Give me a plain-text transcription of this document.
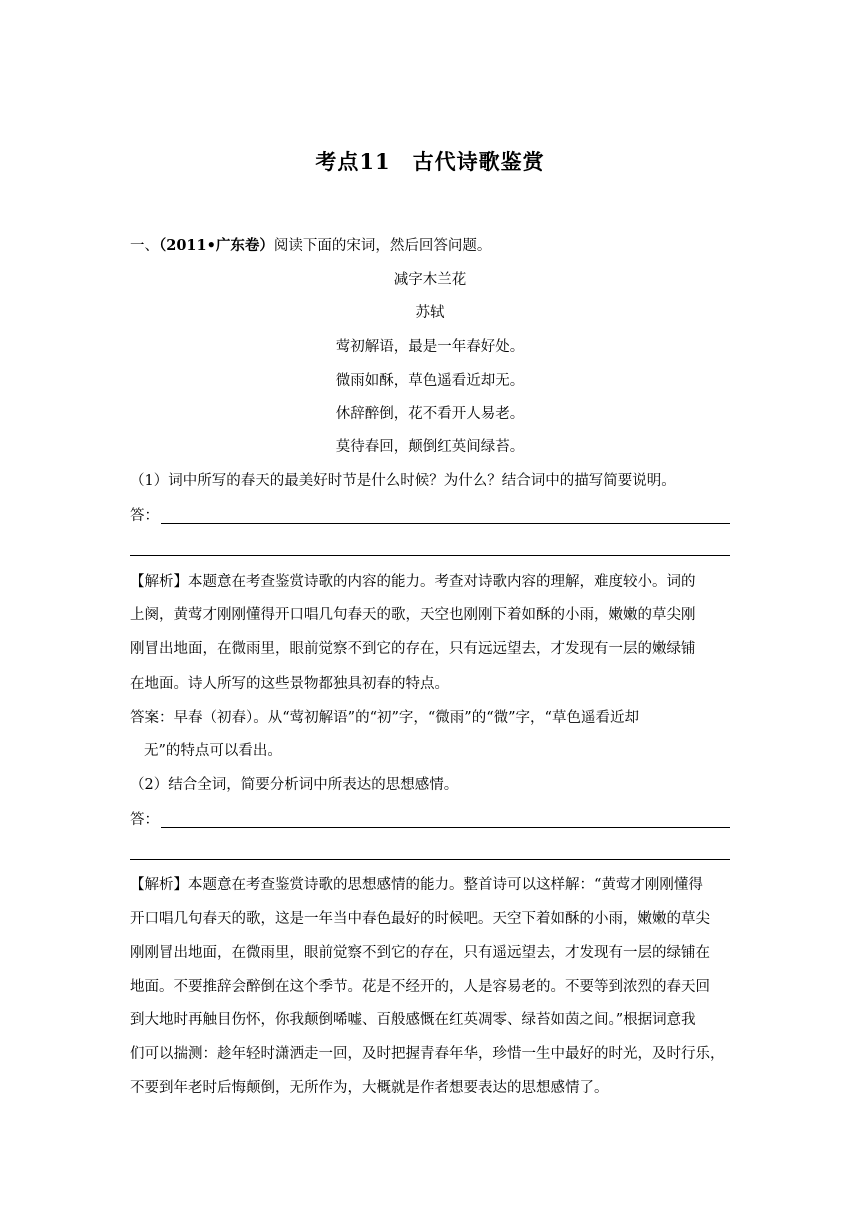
考点11 古代诗歌鉴赏
一、（2011•广东卷）阅读下面的宋词，然后回答问题。
减字木兰花
苏轼
莺初解语，最是一年春好处。
微雨如酥，草色遥看近却无。
休辞醉倒，花不看开人易老。
莫待春回，颠倒红英间绿苔。
（1）词中所写的春天的最美好时节是什么时候？为什么？结合词中的描写简要说明。
答：
【解析】本题意在考查鉴赏诗歌的内容的能力。考查对诗歌内容的理解，难度较小。词的
上阕，黄莺才刚刚懂得开口唱几句春天的歌，天空也刚刚下着如酥的小雨，嫩嫩的草尖刚
刚冒出地面，在微雨里，眼前觉察不到它的存在，只有远远望去，才发现有一层的嫩绿铺
在地面。诗人所写的这些景物都独具初春的特点。
答案：早春（初春）。从“莺初解语”的“初”字，“微雨”的“微”字，“草色遥看近却
无”的特点可以看出。
（2）结合全词，简要分析词中所表达的思想感情。
答：
【解析】本题意在考查鉴赏诗歌的思想感情的能力。整首诗可以这样解：“黄莺才刚刚懂得
开口唱几句春天的歌，这是一年当中春色最好的时候吧。天空下着如酥的小雨，嫩嫩的草尖
刚刚冒出地面，在微雨里，眼前觉察不到它的存在，只有遥远望去，才发现有一层的绿铺在
地面。不要推辞会醉倒在这个季节。花是不经开的，人是容易老的。不要等到浓烈的春天回
到大地时再触目伤怀，你我颠倒唏嘘、百般感慨在红英凋零、绿苔如茵之间。”根据词意我
们可以揣测：趁年轻时潇洒走一回，及时把握青春年华，珍惜一生中最好的时光，及时行乐，
不要到年老时后悔颠倒，无所作为，大概就是作者想要表达的思想感情了。
